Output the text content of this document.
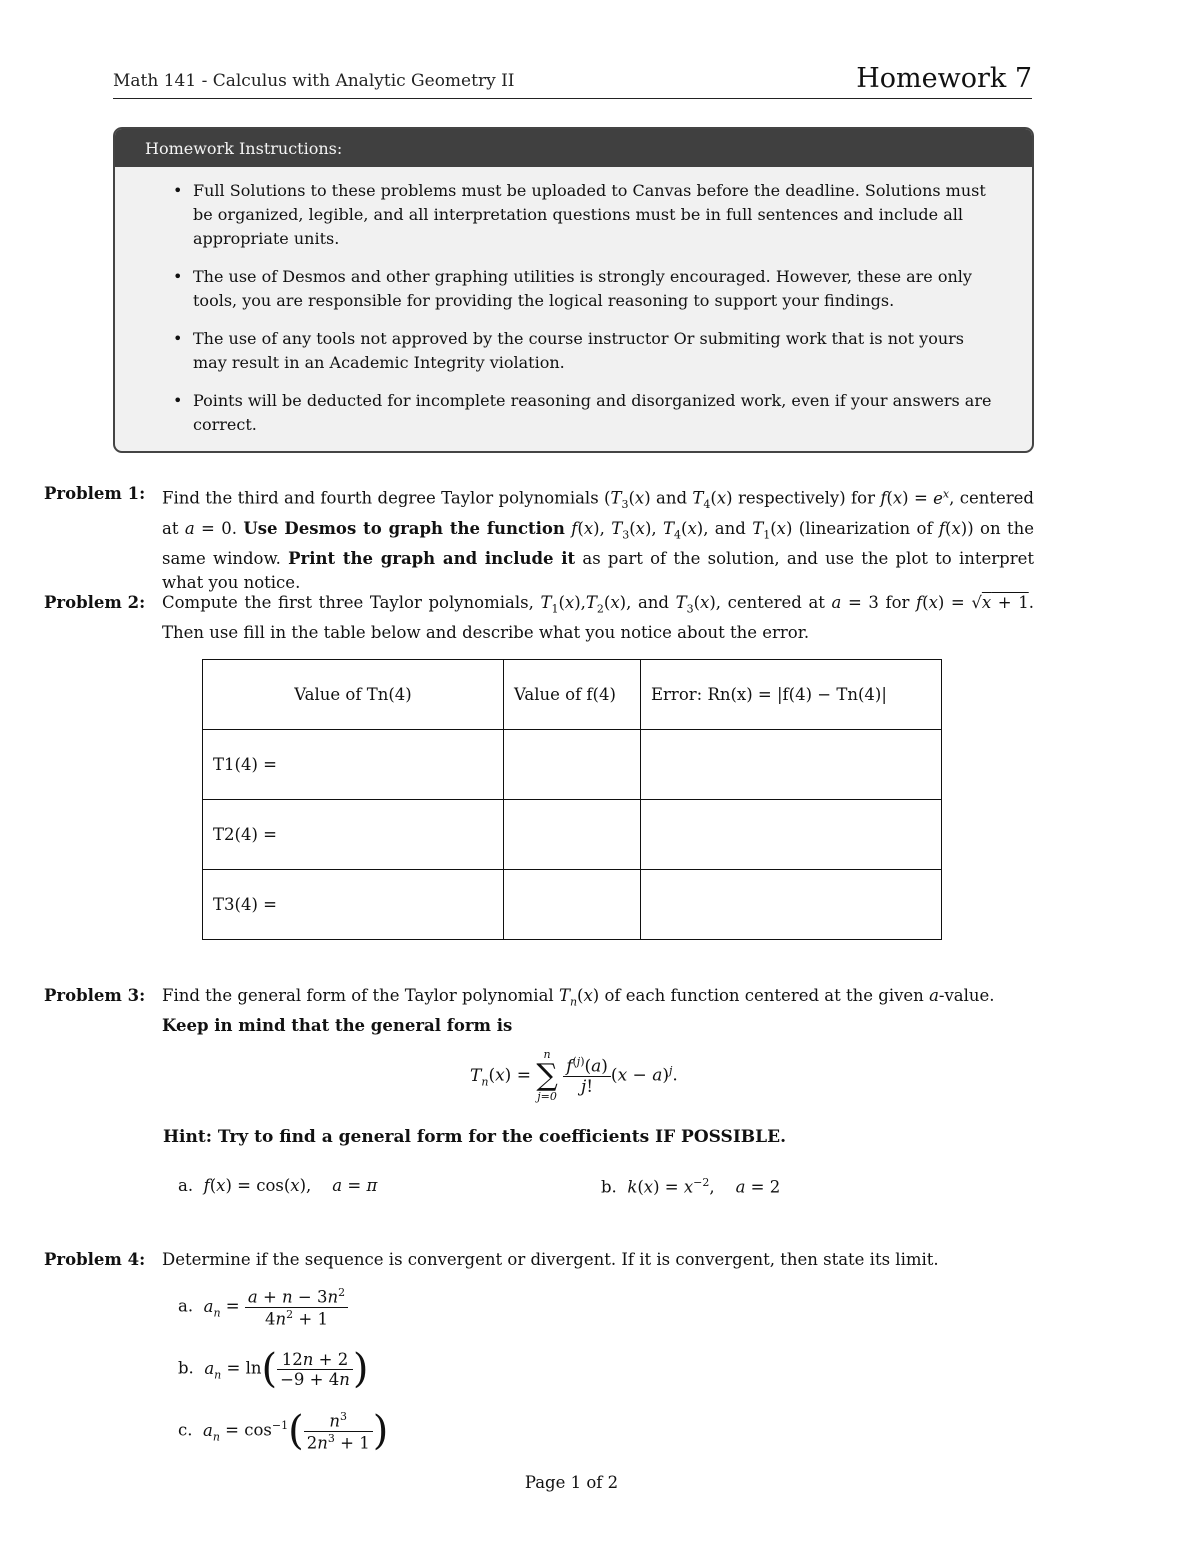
Math 141 - Calculus with Analytic Geometry II	Homework 7
Homework Instructions:
• Full Solutions to these problems must be uploaded to Canvas before the deadline. Solutions must be organized, legible, and all interpretation questions must be in full sentences and include all appropriate units.
• The use of Desmos and other graphing utilities is strongly encouraged. However, these are only tools, you are responsible for providing the logical reasoning to support your findings.
• The use of any tools not approved by the course instructor Or submiting work that is not yours may result in an Academic Integrity violation.
• Points will be deducted for incomplete reasoning and disorganized work, even if your answers are correct.
Problem 1: Find the third and fourth degree Taylor polynomials ($T_3(x)$ and $T_4(x)$ respectively) for $f(x) = e^x$, centered at a = 0. Use Desmos to graph the function f(x), $T_3(x)$, $T_4(x)$, and $T_1(x)$ (linearization of f(x)) on the same window. Print the graph and include it as part of the solution, and use the plot to interpret what you notice.
Problem 2: Compute the first three Taylor polynomials, $T_1(x),T_2(x)$, and $T_3(x)$, centered at a = 3 for f(x) = √x + 1. Then use fill in the table below and describe what you notice about the error.
Value of Tn(4)	Value of f(4)	Error: Rn(x) = |f(4) − Tn(4)|
T1(4) =		
T2(4) =		
T3(4) =		
Problem 3: Find the general form of the Taylor polynomial $T_n(x)$ of each function centered at the given a-value.
Keep in mind that the general form is
$T_n(x)$ =
n
∑
j=0
$\frac{f^{(j)}(a)}{j!} (x - a)^j$.
Hint: Try to find a general form for the coefficients IF POSSIBLE.
a. f(x) = cos(x),    a = π	b. $k(x) = x^{-2}$,    a = 2
Problem 4: Determine if the sequence is convergent or divergent. If it is convergent, then state its limit.
a. $a_n = \frac{a + n - 3n^2}{4n^2 + 1}$
b. $a_n = \ln( \frac{12n + 2}{-9 + 4n}$ )
c. $a_n = \cos^{-1}( \frac{n^3}{2n^3 + 1}$ )
Page 1 of 2
